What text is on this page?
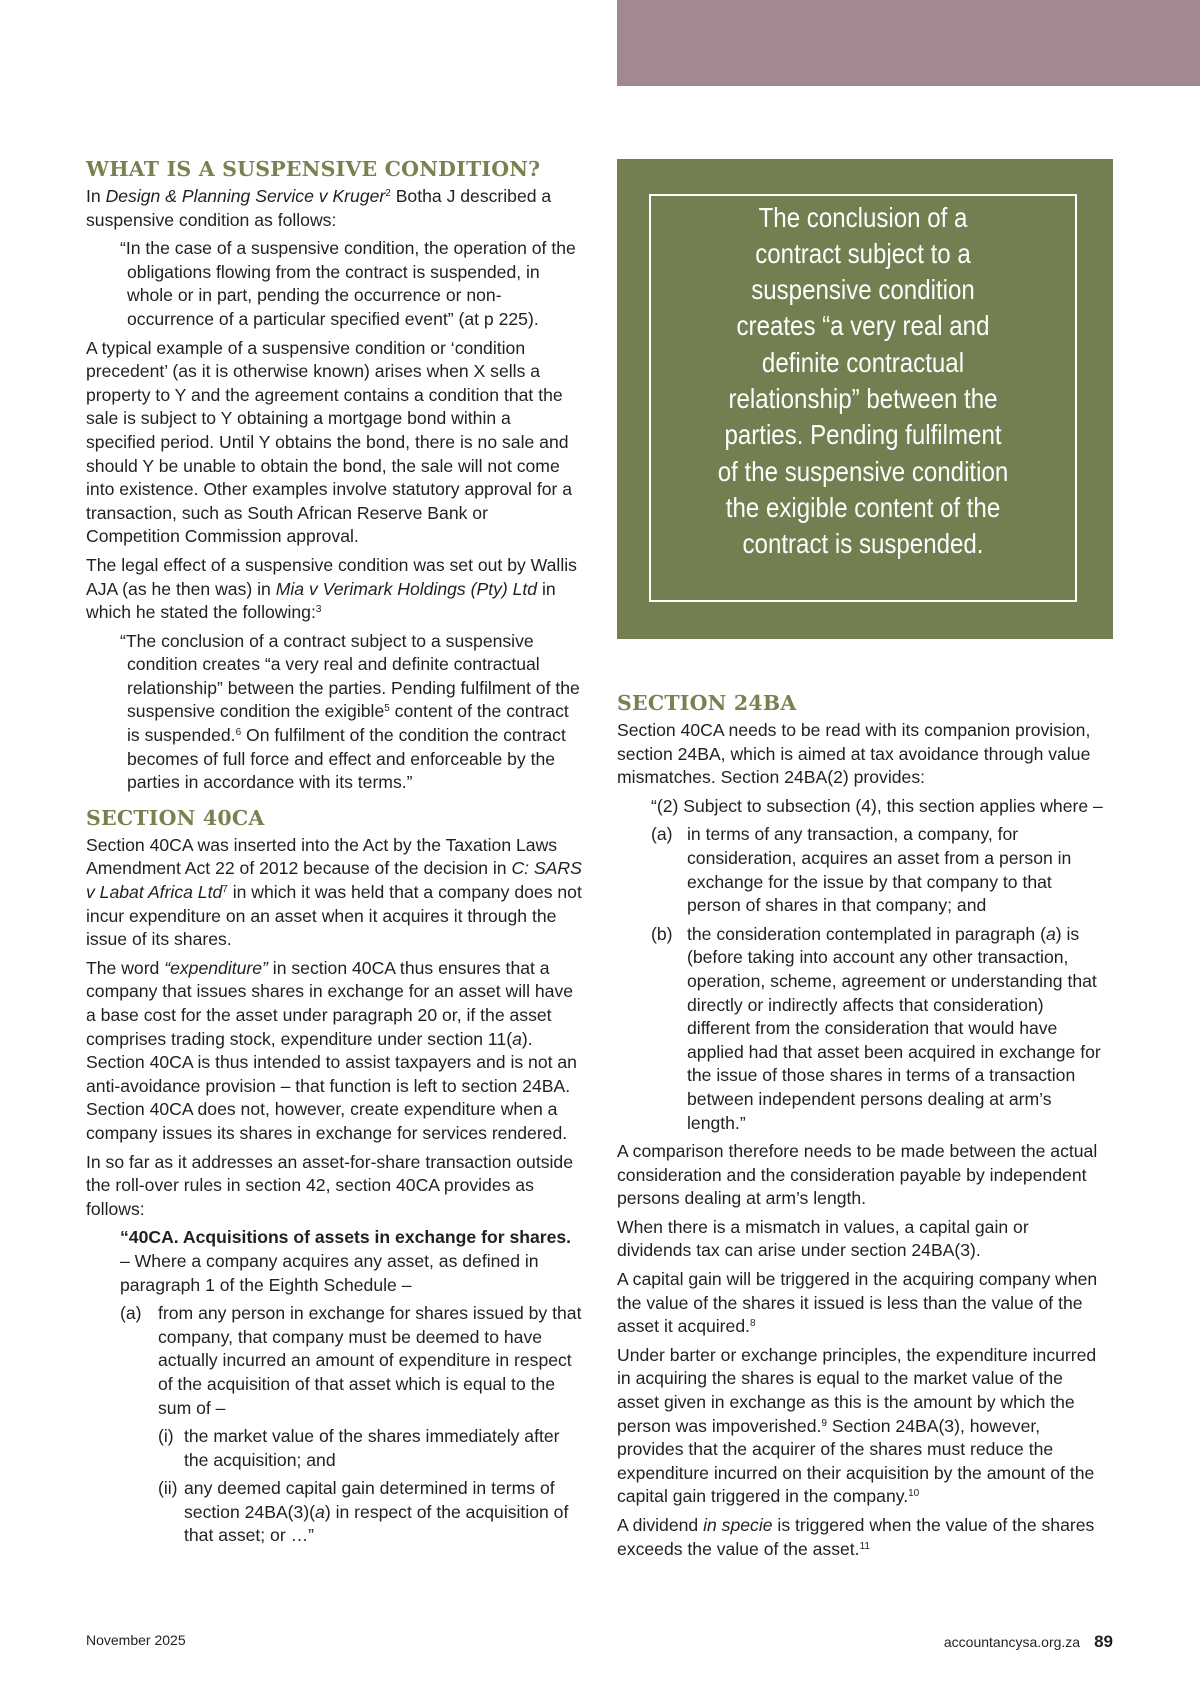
WHAT IS A SUSPENSIVE CONDITION?

In Design & Planning Service v Kruger$^2$ Botha J described a suspensive condition as follows:

“In the case of a suspensive condition, the operation of the obligations flowing from the contract is suspended, in whole or in part, pending the occurrence or non-occurrence of a particular specified event” (at p 225).

A typical example of a suspensive condition or ‘condition precedent’ (as it is otherwise known) arises when X sells a property to Y and the agreement contains a condition that the sale is subject to Y obtaining a mortgage bond within a specified period. Until Y obtains the bond, there is no sale and should Y be unable to obtain the bond, the sale will not come into existence. Other examples involve statutory approval for a transaction, such as South African Reserve Bank or Competition Commission approval.

The legal effect of a suspensive condition was set out by Wallis AJA (as he then was) in Mia v Verimark Holdings (Pty) Ltd in which he stated the following:$^3$

“The conclusion of a contract subject to a suspensive condition creates “a very real and definite contractual relationship” between the parties. Pending fulfilment of the suspensive condition the exigible$^5$ content of the contract is suspended.$^6$ On fulfilment of the condition the contract becomes of full force and effect and enforceable by the parties in accordance with its terms.”

SECTION 40CA

Section 40CA was inserted into the Act by the Taxation Laws Amendment Act 22 of 2012 because of the decision in C: SARS v Labat Africa Ltd$^7$ in which it was held that a company does not incur expenditure on an asset when it acquires it through the issue of its shares.

The word “expenditure” in section 40CA thus ensures that a company that issues shares in exchange for an asset will have a base cost for the asset under paragraph 20 or, if the asset comprises trading stock, expenditure under section 11(a). Section 40CA is thus intended to assist taxpayers and is not an anti-avoidance provision – that function is left to section 24BA. Section 40CA does not, however, create expenditure when a company issues its shares in exchange for services rendered.

In so far as it addresses an asset-for-share transaction outside the roll-over rules in section 42, section 40CA provides as follows:

“40CA. Acquisitions of assets in exchange for shares. – Where a company acquires any asset, as defined in paragraph 1 of the Eighth Schedule –

(a) from any person in exchange for shares issued by that company, that company must be deemed to have actually incurred an amount of expenditure in respect of the acquisition of that asset which is equal to the sum of –
(i) the market value of the shares immediately after the acquisition; and
(ii) any deemed capital gain determined in terms of section 24BA(3)(a) in respect of the acquisition of that asset; or …”
The conclusion of a contract subject to a suspensive condition creates “a very real and definite contractual relationship” between the parties. Pending fulfilment of the suspensive condition the exigible content of the contract is suspended.
SECTION 24BA

Section 40CA needs to be read with its companion provision, section 24BA, which is aimed at tax avoidance through value mismatches. Section 24BA(2) provides:

“(2) Subject to subsection (4), this section applies where –

(a) in terms of any transaction, a company, for consideration, acquires an asset from a person in exchange for the issue by that company to that person of shares in that company; and
(b) the consideration contemplated in paragraph (a) is (before taking into account any other transaction, operation, scheme, agreement or understanding that directly or indirectly affects that consideration) different from the consideration that would have applied had that asset been acquired in exchange for the issue of those shares in terms of a transaction between independent persons dealing at arm’s length.”

A comparison therefore needs to be made between the actual consideration and the consideration payable by independent persons dealing at arm’s length.

When there is a mismatch in values, a capital gain or dividends tax can arise under section 24BA(3).

A capital gain will be triggered in the acquiring company when the value of the shares it issued is less than the value of the asset it acquired.$^8$

Under barter or exchange principles, the expenditure incurred in acquiring the shares is equal to the market value of the asset given in exchange as this is the amount by which the person was impoverished.$^9$ Section 24BA(3), however, provides that the acquirer of the shares must reduce the expenditure incurred on their acquisition by the amount of the capital gain triggered in the company.$^{10}$

A dividend in specie is triggered when the value of the shares exceeds the value of the asset.$^{11}$

November 2025	accountancysa.org.za 89
